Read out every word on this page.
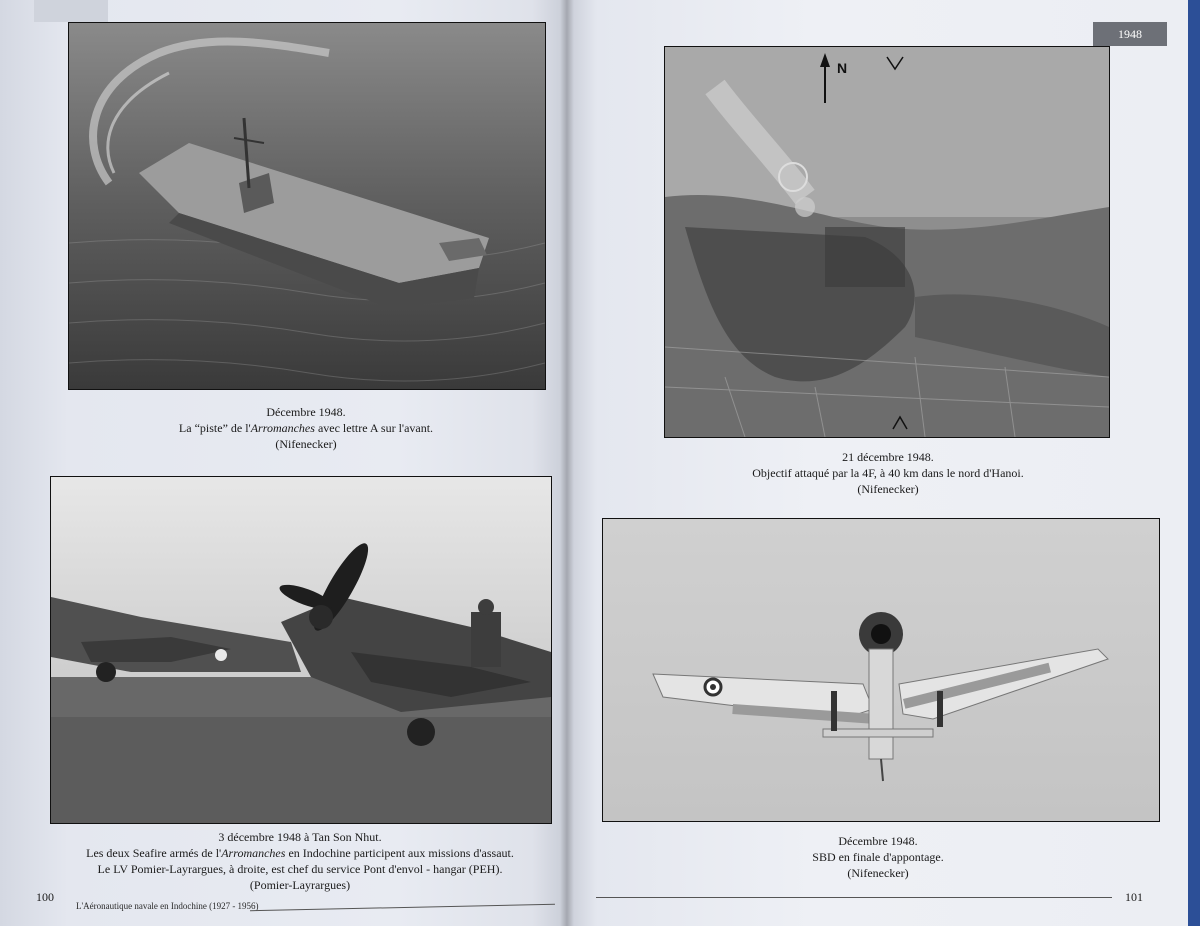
Décembre 1948.
La “piste” de l'Arromanches avec lettre A sur l'avant.
(Nifenecker)
3 décembre 1948 à Tan Son Nhut.
Les deux Seafire armés de l'Arromanches en Indochine participent aux missions d'assaut.
Le LV Pomier-Layrargues, à droite, est chef du service Pont d'envol - hangar (PEH).
(Pomier-Layrargues)
100
L'Aéronautique navale en Indochine (1927 - 1956)
1948
N
21 décembre 1948.
Objectif attaqué par la 4F, à 40 km dans le nord d'Hanoi.
(Nifenecker)
Décembre 1948.
SBD en finale d'appontage.
(Nifenecker)
101
